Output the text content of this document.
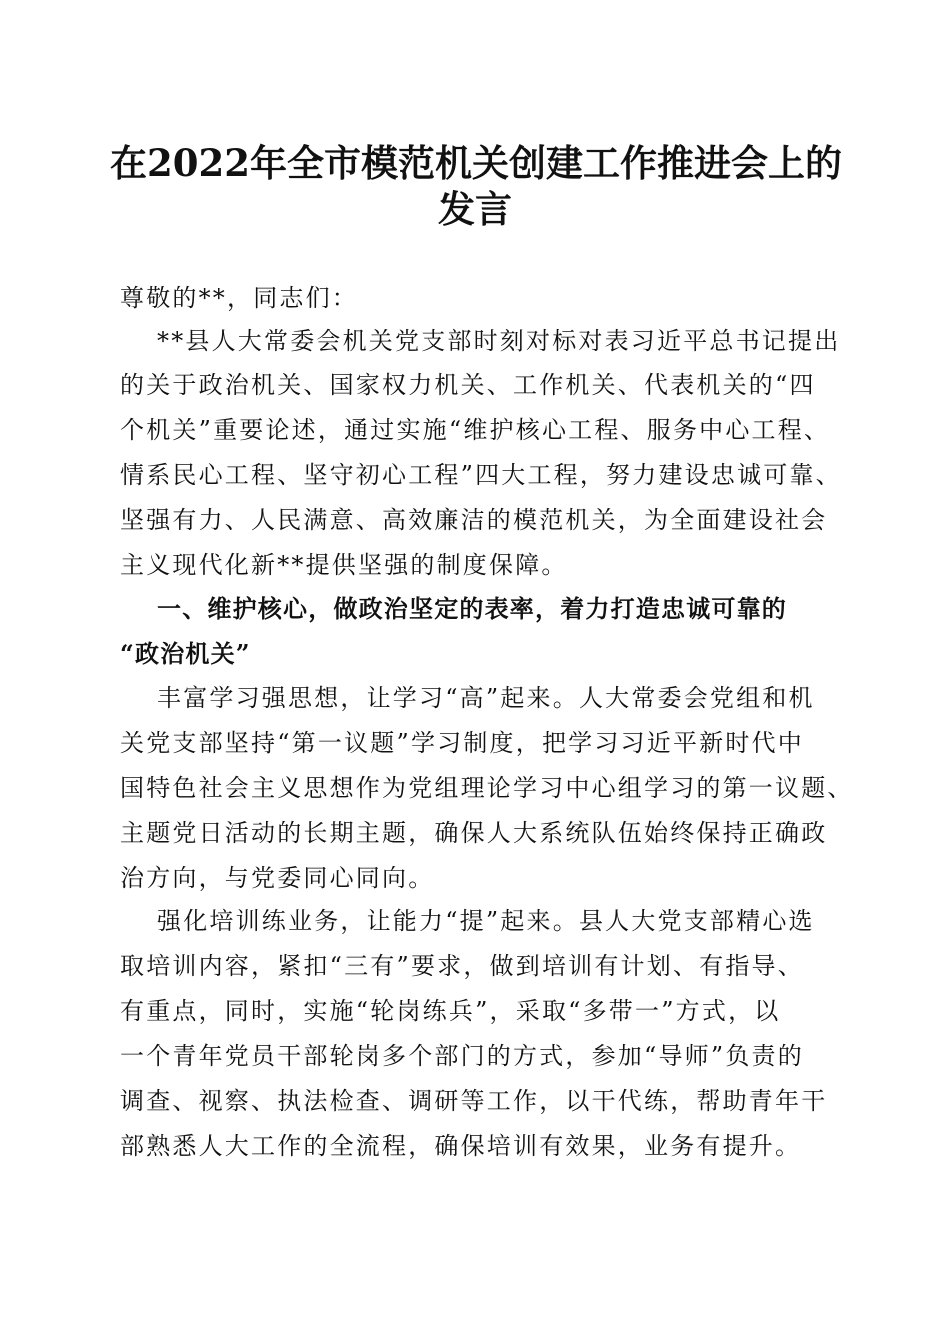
在2022年全市模范机关创建工作推进会上的
发言

尊敬的**，同志们：

**县人大常委会机关党支部时刻对标对表习近平总书记提出

的关于政治机关、国家权力机关、工作机关、代表机关的“四

个机关”重要论述，通过实施“维护核心工程、服务中心工程、

情系民心工程、坚守初心工程”四大工程，努力建设忠诚可靠、

坚强有力、人民满意、高效廉洁的模范机关，为全面建设社会

主义现代化新**提供坚强的制度保障。

一、维护核心，做政治坚定的表率，着力打造忠诚可靠的

“政治机关”

丰富学习强思想，让学习“高”起来。人大常委会党组和机

关党支部坚持“第一议题”学习制度，把学习习近平新时代中

国特色社会主义思想作为党组理论学习中心组学习的第一议题、

主题党日活动的长期主题，确保人大系统队伍始终保持正确政

治方向，与党委同心同向。

强化培训练业务，让能力“提”起来。县人大党支部精心选

取培训内容，紧扣“三有”要求，做到培训有计划、有指导、

有重点，同时，实施“轮岗练兵”，采取“多带一”方式，以

一个青年党员干部轮岗多个部门的方式，参加“导师”负责的

调查、视察、执法检查、调研等工作，以干代练，帮助青年干

部熟悉人大工作的全流程，确保培训有效果，业务有提升。
